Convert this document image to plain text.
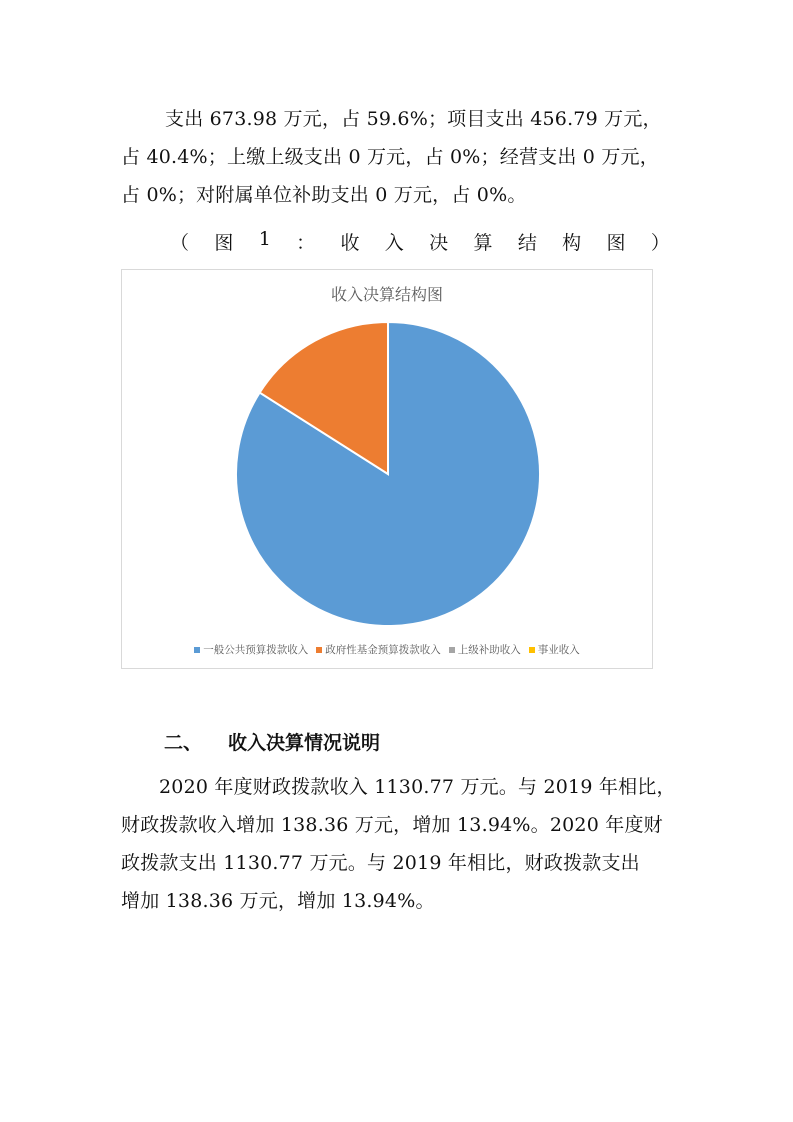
支出 673.98 万元，占 59.6%；项目支出 456.79 万元，

占 40.4%；上缴上级支出 0 万元，占 0%；经营支出 0 万元，

占 0%；对附属单位补助支出 0 万元，占 0%。

（ 图 1 ： 收 入 决 算 结 构 图 ）
收入决算结构图
一般公共预算拨款收入 政府性基金预算拨款收入 上级补助收入 事业收入
二、 收入决算情况说明

2020 年度财政拨款收入 1130.77 万元。与 2019 年相比，

财政拨款收入增加 138.36 万元，增加 13.94%。2020 年度财

政拨款支出 1130.77 万元。与 2019 年相比，财政拨款支出

增加 138.36 万元，增加 13.94%。
